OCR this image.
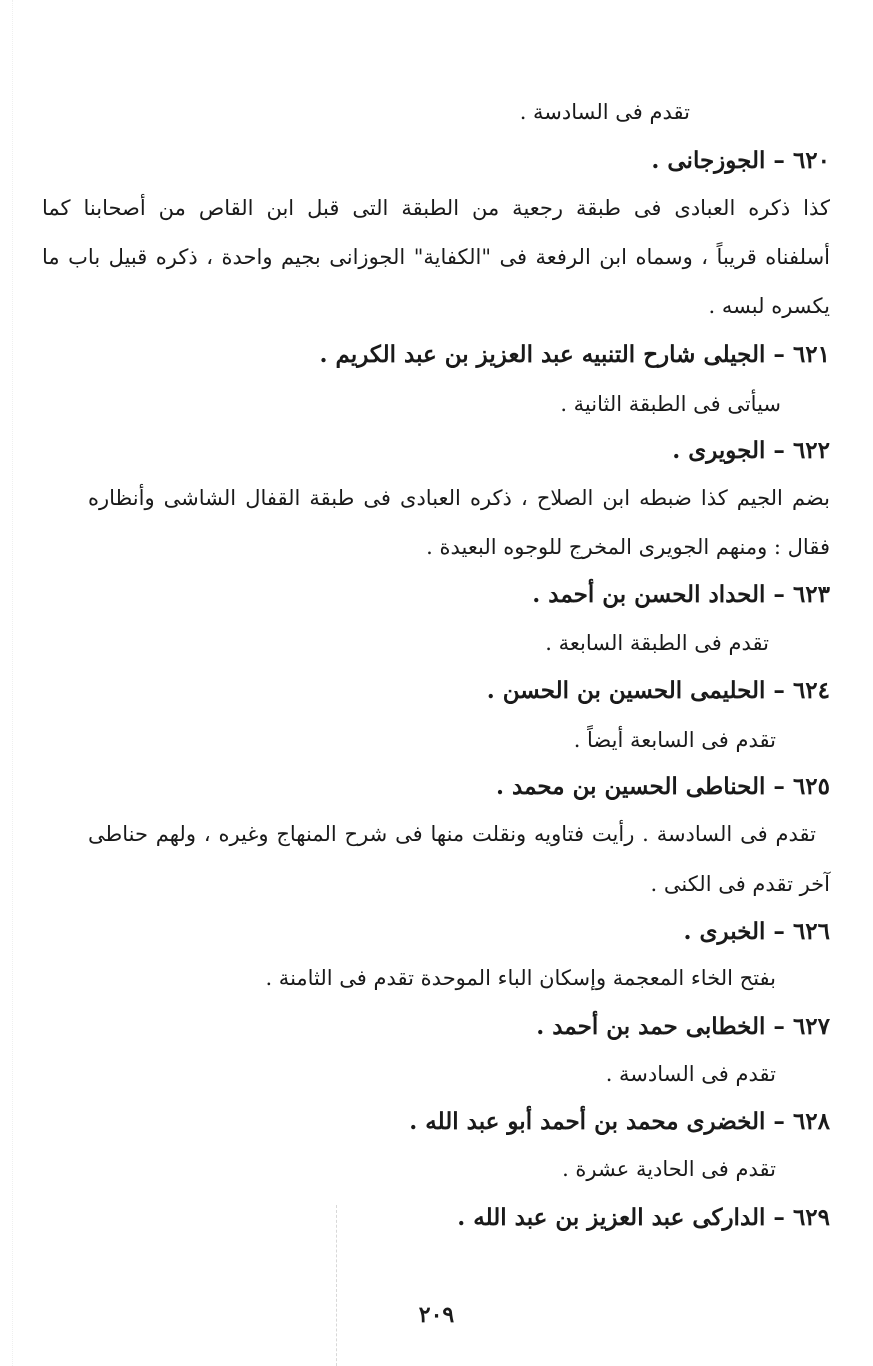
تقدم فى السادسة .
٦٢٠ – الجوزجانى .
كذا ذكره العبادى فى طبقة رجعية من الطبقة التى قبل ابن القاص من أصحابنا كما
أسلفناه قريباً ، وسماه ابن الرفعة فى "الكفاية" الجوزانى بجيم واحدة ، ذكره قبيل باب ما
يكسره لبسه .
٦٢١ – الجيلى شارح التنبيه عبد العزيز بن عبد الكريم .
سيأتى فى الطبقة الثانية .
٦٢٢ – الجويرى .
بضم الجيم كذا ضبطه ابن الصلاح ، ذكره العبادى فى طبقة القفال الشاشى وأنظاره
فقال : ومنهم الجويرى المخرج للوجوه البعيدة .
٦٢٣ – الحداد الحسن بن أحمد .
تقدم فى الطبقة السابعة .
٦٢٤ – الحليمى الحسين بن الحسن .
تقدم فى السابعة أيضاً .
٦٢٥ – الحناطى الحسين بن محمد .
تقدم فى السادسة . رأيت فتاويه ونقلت منها فى شرح المنهاج وغيره ، ولهم حناطى
آخر تقدم فى الكنى .
٦٢٦ – الخبرى .
بفتح الخاء المعجمة وإسكان الباء الموحدة تقدم فى الثامنة .
٦٢٧ – الخطابى حمد بن أحمد .
تقدم فى السادسة .
٦٢٨ – الخضرى محمد بن أحمد أبو عبد الله .
تقدم فى الحادية عشرة .
٦٢٩ – الداركى عبد العزيز بن عبد الله .
٢٠٩
